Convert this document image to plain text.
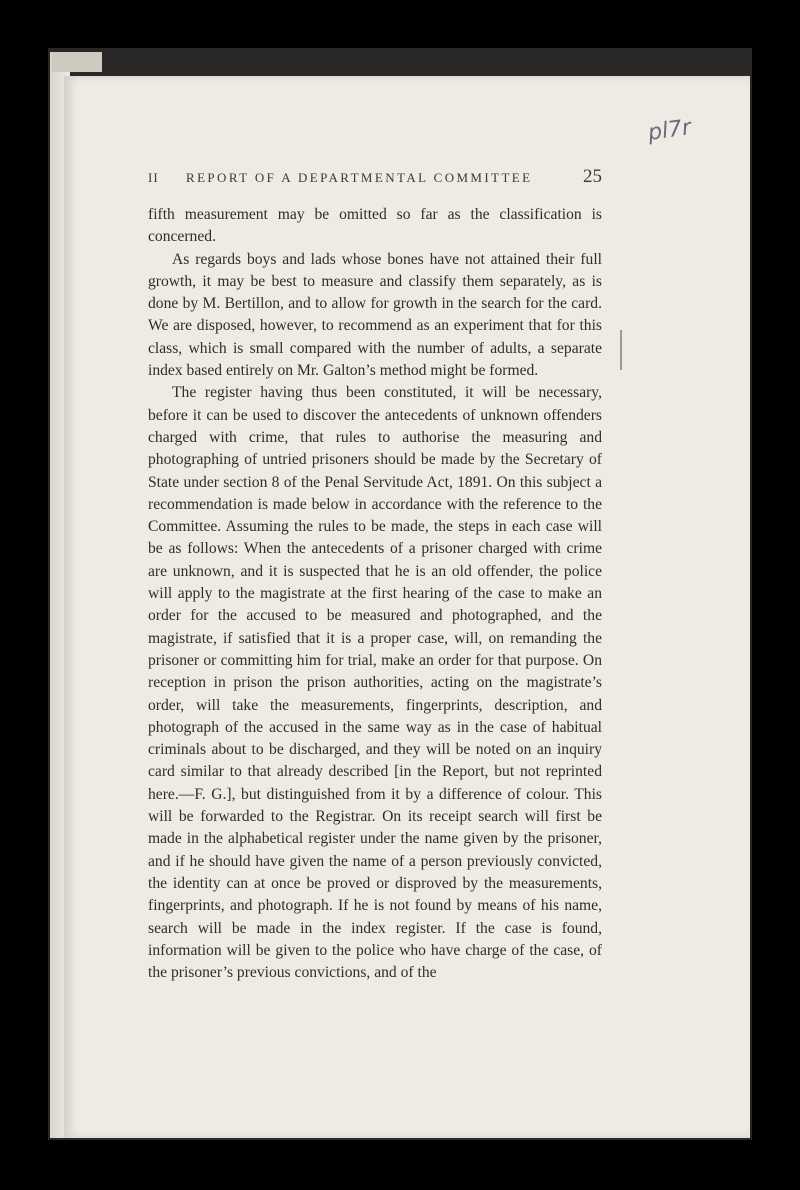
pl7r
II REPORT OF A DEPARTMENTAL COMMITTEE	25

fifth measurement may be omitted so far as the classification is concerned.

As regards boys and lads whose bones have not attained their full growth, it may be best to measure and classify them separately, as is done by M. Bertillon, and to allow for growth in the search for the card. We are disposed, however, to recommend as an experiment that for this class, which is small compared with the number of adults, a separate index based entirely on Mr. Galton’s method might be formed.

The register having thus been constituted, it will be necessary, before it can be used to discover the antecedents of unknown offenders charged with crime, that rules to authorise the measuring and photographing of untried prisoners should be made by the Secretary of State under section 8 of the Penal Servitude Act, 1891. On this subject a recommendation is made below in accordance with the reference to the Committee. Assuming the rules to be made, the steps in each case will be as follows: When the antecedents of a prisoner charged with crime are unknown, and it is suspected that he is an old offender, the police will apply to the magistrate at the first hearing of the case to make an order for the accused to be measured and photographed, and the magistrate, if satisfied that it is a proper case, will, on remanding the prisoner or committing him for trial, make an order for that purpose. On reception in prison the prison authorities, acting on the magistrate’s order, will take the measurements, fingerprints, description, and photograph of the accused in the same way as in the case of habitual criminals about to be discharged, and they will be noted on an inquiry card similar to that already described [in the Report, but not reprinted here.—F. G.], but distinguished from it by a difference of colour. This will be forwarded to the Registrar. On its receipt search will first be made in the alphabetical register under the name given by the prisoner, and if he should have given the name of a person previously convicted, the identity can at once be proved or disproved by the measurements, fingerprints, and photograph. If he is not found by means of his name, search will be made in the index register. If the case is found, information will be given to the police who have charge of the case, of the prisoner’s previous convictions, and of the
